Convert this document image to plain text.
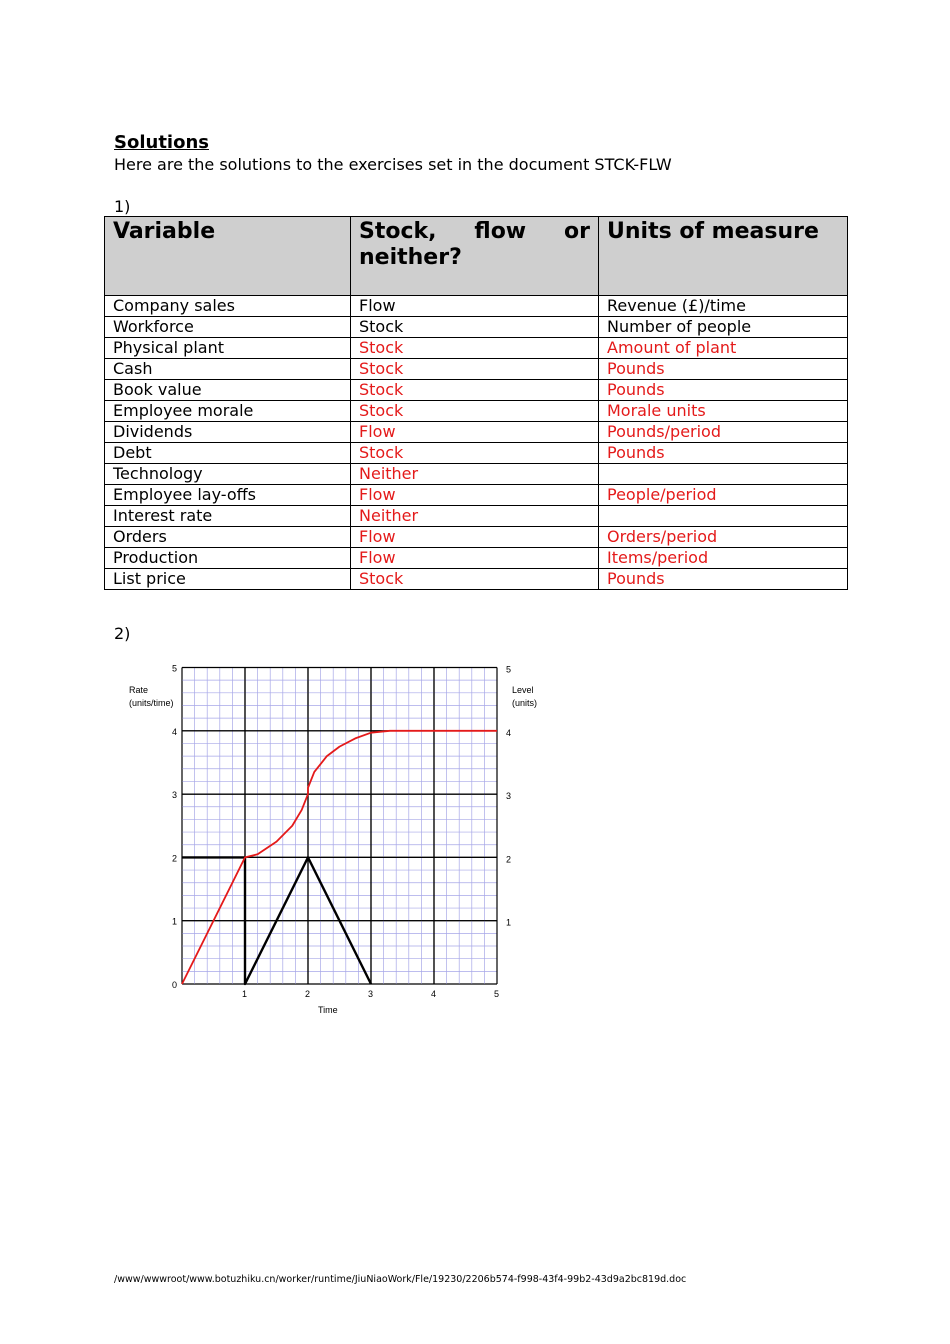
Solutions
Here are the solutions to the exercises set in the document STCK-FLW
1)
Variable	Stock, flow or neither?	Units of measure
Company sales	Flow	Revenue (£)/time
Workforce	Stock	Number of people
Physical plant	Stock	Amount of plant
Cash	Stock	Pounds
Book value	Stock	Pounds
Employee morale	Stock	Morale units
Dividends	Flow	Pounds/period
Debt	Stock	Pounds
Technology	Neither	
Employee lay-offs	Flow	People/period
Interest rate	Neither	
Orders	Flow	Orders/period
Production	Flow	Items/period
List price	Stock	Pounds
2)
1	2	3	4	5
0
1
2
3
4
5
1
2
3
4
5
Rate
(units/time)
Level
(units)
Time
/www/wwwroot/www.botuzhiku.cn/worker/runtime/JiuNiaoWork/Fle/19230/2206b574-f998-43f4-99b2-43d9a2bc819d.doc
